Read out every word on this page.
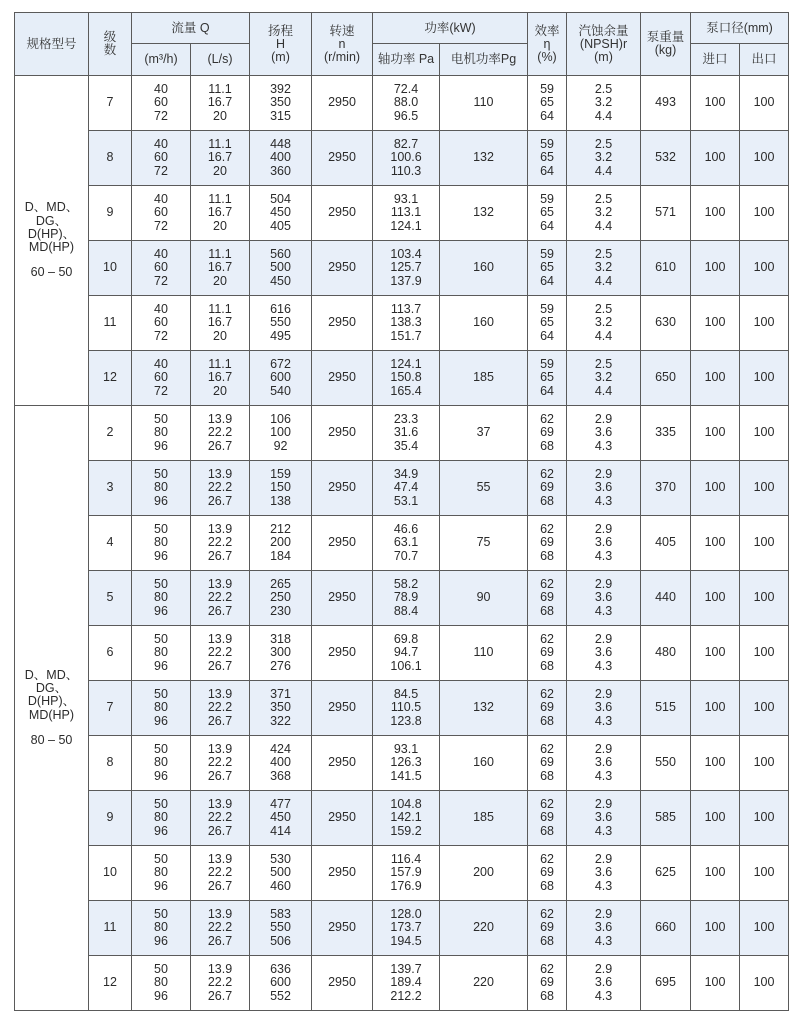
规格型号	级数	流量 Q		扬程
H
(m)	转速
n
(r/min)	功率(kW)		效率
η
(%)	汽蚀余量
(NPSH)r
(m)	泵重量
(kg)	泵口径(mm)	
		(m³/h)	(L/s)			轴功率 Pa	电机功率Pg				进口	出口

D、MD、DG、
D(HP)、
MD(HP)
60 – 50	7	40
60
72	11.1
16.7
20	392
350
315	2950	72.4
88.0
96.5	110	59
65
64	2.5
3.2
4.4	493	100	100
	8	40
60
72	11.1
16.7
20	448
400
360	2950	82.7
100.6
110.3	132	59
65
64	2.5
3.2
4.4	532	100	100
	9	40
60
72	11.1
16.7
20	504
450
405	2950	93.1
113.1
124.1	132	59
65
64	2.5
3.2
4.4	571	100	100
	10	40
60
72	11.1
16.7
20	560
500
450	2950	103.4
125.7
137.9	160	59
65
64	2.5
3.2
4.4	610	100	100
	11	40
60
72	11.1
16.7
20	616
550
495	2950	113.7
138.3
151.7	160	59
65
64	2.5
3.2
4.4	630	100	100
	12	40
60
72	11.1
16.7
20	672
600
540	2950	124.1
150.8
165.4	185	59
65
64	2.5
3.2
4.4	650	100	100

D、MD、DG、
D(HP)、
MD(HP)
80 – 50	2	50
80
96	13.9
22.2
26.7	106
100
92	2950	23.3
31.6
35.4	37	62
69
68	2.9
3.6
4.3	335	100	100
	3	50
80
96	13.9
22.2
26.7	159
150
138	2950	34.9
47.4
53.1	55	62
69
68	2.9
3.6
4.3	370	100	100
	4	50
80
96	13.9
22.2
26.7	212
200
184	2950	46.6
63.1
70.7	75	62
69
68	2.9
3.6
4.3	405	100	100
	5	50
80
96	13.9
22.2
26.7	265
250
230	2950	58.2
78.9
88.4	90	62
69
68	2.9
3.6
4.3	440	100	100
	6	50
80
96	13.9
22.2
26.7	318
300
276	2950	69.8
94.7
106.1	110	62
69
68	2.9
3.6
4.3	480	100	100
	7	50
80
96	13.9
22.2
26.7	371
350
322	2950	84.5
110.5
123.8	132	62
69
68	2.9
3.6
4.3	515	100	100
	8	50
80
96	13.9
22.2
26.7	424
400
368	2950	93.1
126.3
141.5	160	62
69
68	2.9
3.6
4.3	550	100	100
	9	50
80
96	13.9
22.2
26.7	477
450
414	2950	104.8
142.1
159.2	185	62
69
68	2.9
3.6
4.3	585	100	100
	10	50
80
96	13.9
22.2
26.7	530
500
460	2950	116.4
157.9
176.9	200	62
69
68	2.9
3.6
4.3	625	100	100
	11	50
80
96	13.9
22.2
26.7	583
550
506	2950	128.0
173.7
194.5	220	62
69
68	2.9
3.6
4.3	660	100	100
	12	50
80
96	13.9
22.2
26.7	636
600
552	2950	139.7
189.4
212.2	220	62
69
68	2.9
3.6
4.3	695	100	100
